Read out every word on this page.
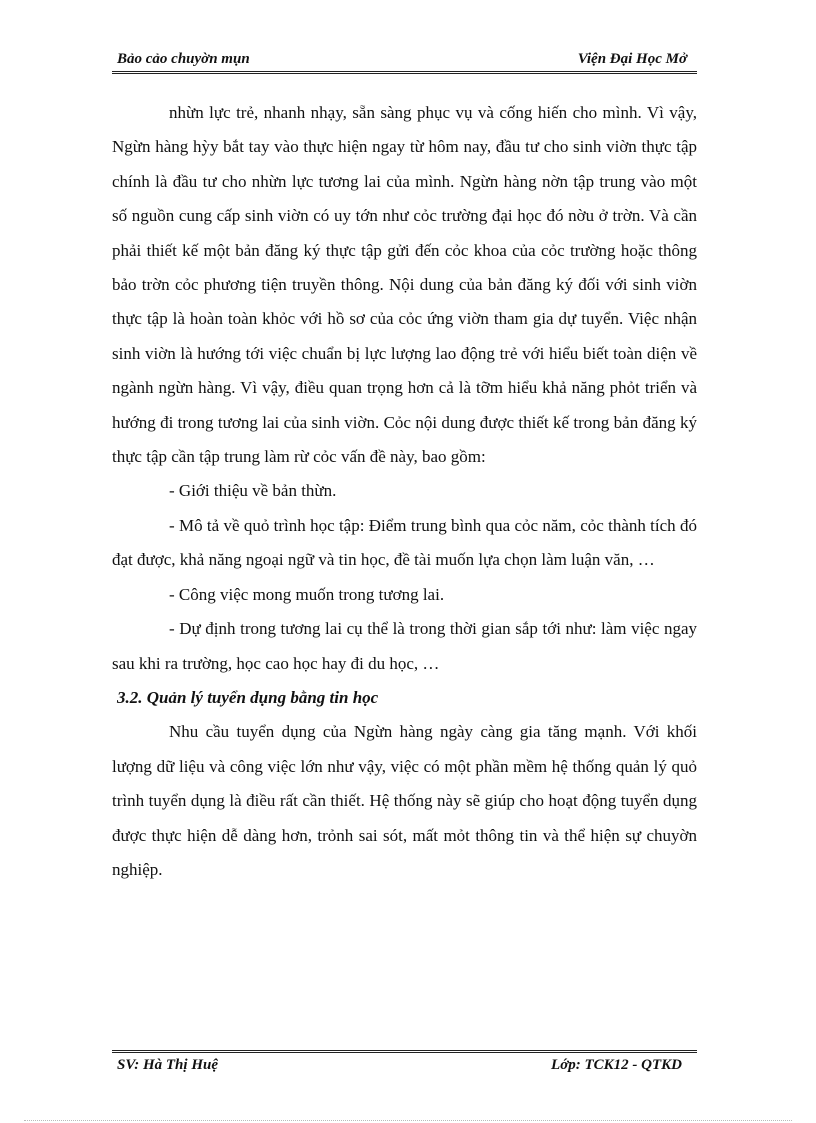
Bảo cảo chuyờn mụn	Viện Đại Học Mở

nhừn lực trẻ, nhanh nhạy, sẵn sàng phục vụ và cống hiến cho mình. Vì vậy, Ngừn hàng hỳy bắt tay vào thực hiện ngay từ hôm nay, đầu tư cho sinh viờn thực tập chính là đầu tư cho nhừn lực tương lai của mình. Ngừn hàng nờn tập trung vào một số nguồn cung cấp sinh viờn có uy tớn như cỏc trường đại học đó nờu ở trờn. Và cần phải thiết kế một bản đăng ký thực tập gửi đến cỏc khoa của cỏc trường hoặc thông bảo trờn cỏc phương tiện truyền thông. Nội dung của bản đăng ký đối với sinh viờn thực tập là hoàn toàn khỏc với hồ sơ của cỏc ứng viờn tham gia dự tuyển. Việc nhận sinh viờn là hướng tới việc chuẩn bị lực lượng lao động trẻ với hiểu biết toàn diện về ngành ngừn hàng. Vì vậy, điều quan trọng hơn cả là tỡm hiểu khả năng phỏt triển và hướng đi trong tương lai của sinh viờn. Cỏc nội dung được thiết kế trong bản đăng ký thực tập cần tập trung làm rừ cỏc vấn đề này, bao gồm:

- Giới thiệu về bản thừn.

- Mô tả về quỏ trình học tập: Điểm trung bình qua cỏc năm, cỏc thành tích đó đạt được, khả năng ngoại ngữ và tin học, đề tài muốn lựa chọn làm luận văn, …

- Công việc mong muốn trong tương lai.

- Dự định trong tương lai cụ thể là trong thời gian sắp tới như: làm việc ngay sau khi ra trường, học cao học hay đi du học, …

3.2. Quản lý tuyển dụng bằng tin học

Nhu cầu tuyển dụng của Ngừn hàng ngày càng gia tăng mạnh. Với khối lượng dữ liệu và công việc lớn như vậy, việc có một phần mềm hệ thống quản lý quỏ trình tuyển dụng là điều rất cần thiết. Hệ thống này sẽ giúp cho hoạt động tuyển dụng được thực hiện dễ dàng hơn, trỏnh sai sót, mất mỏt thông tin và thể hiện sự chuyờn nghiệp.

SV: Hà Thị Huệ	Lớp: TCK12 - QTKD
